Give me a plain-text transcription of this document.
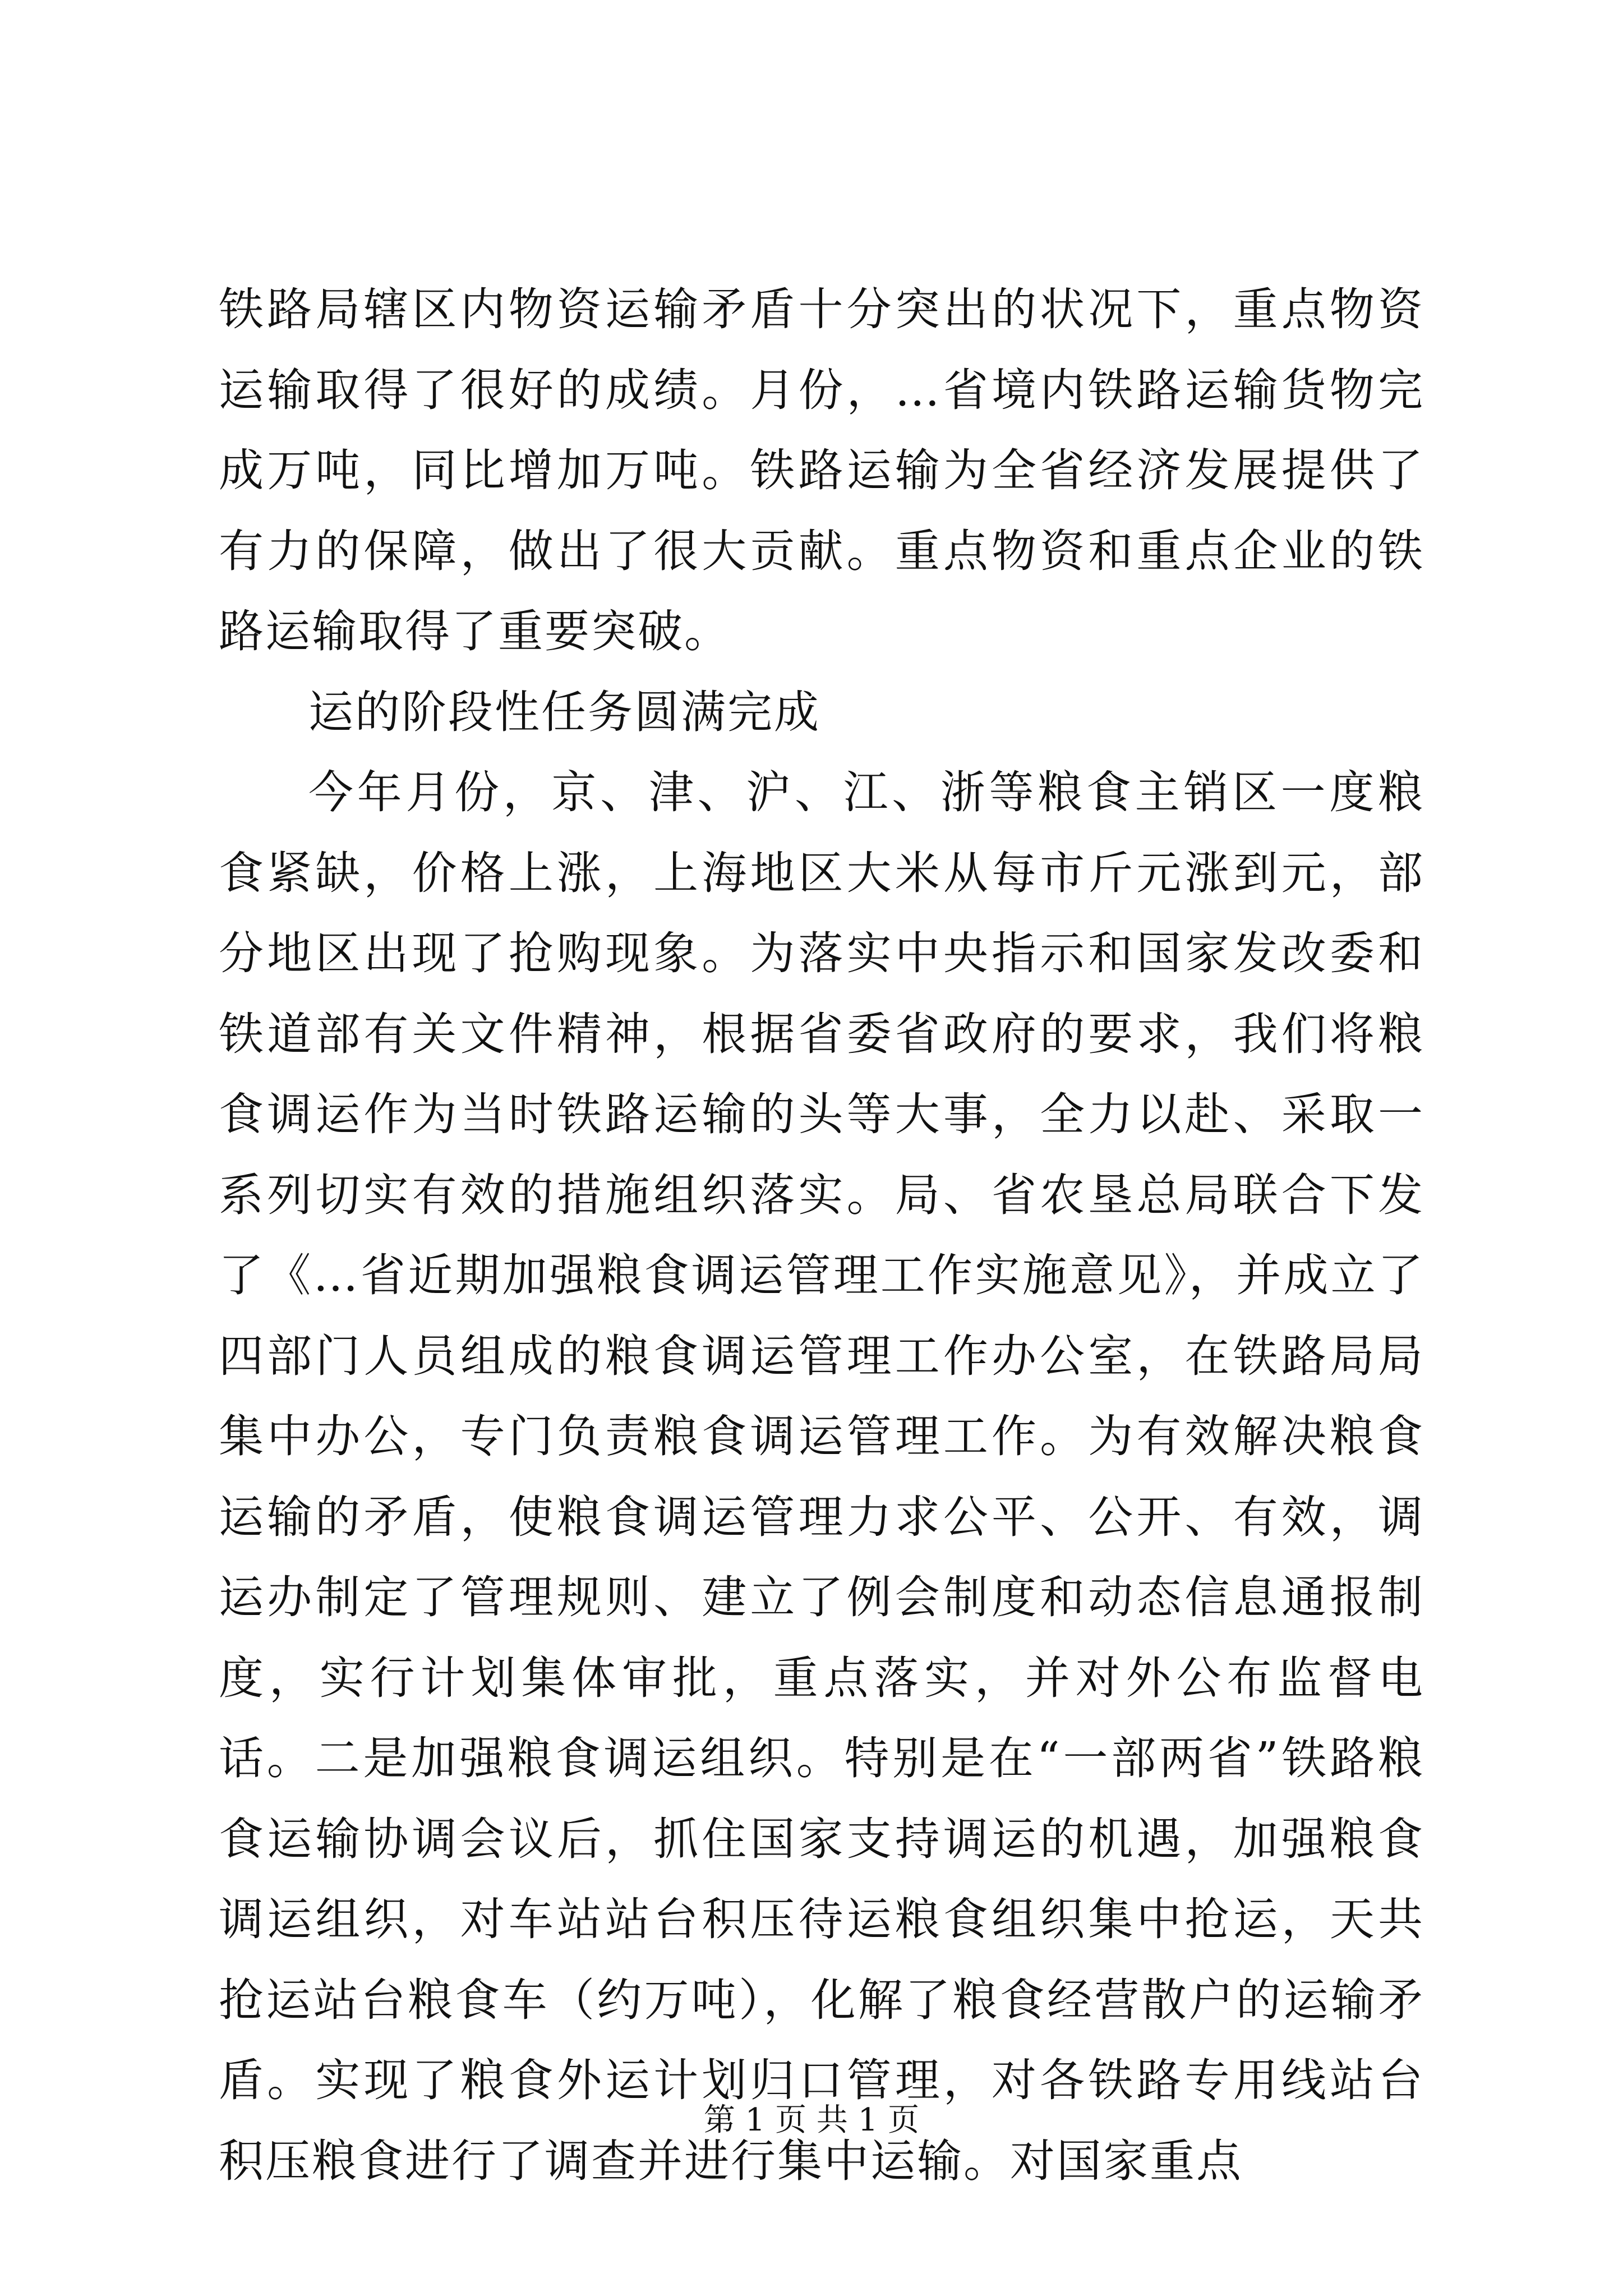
铁路局辖区内物资运输矛盾十分突出的状况下，重点物资运输取得了很好的成绩。月份，…省境内铁路运输货物完成万吨，同比增加万吨。铁路运输为全省经济发展提供了有力的保障，做出了很大贡献。重点物资和重点企业的铁路运输取得了重要突破。

运的阶段性任务圆满完成

今年月份，京、津、沪、江、浙等粮食主销区一度粮食紧缺，价格上涨，上海地区大米从每市斤元涨到元，部分地区出现了抢购现象。为落实中央指示和国家发改委和铁道部有关文件精神，根据省委省政府的要求，我们将粮食调运作为当时铁路运输的头等大事，全力以赴、采取一系列切实有效的措施组织落实。局、省农垦总局联合下发了《…省近期加强粮食调运管理工作实施意见》，并成立了四部门人员组成的粮食调运管理工作办公室，在铁路局局集中办公，专门负责粮食调运管理工作。为有效解决粮食运输的矛盾，使粮食调运管理力求公平、公开、有效，调运办制定了管理规则、建立了例会制度和动态信息通报制度，实行计划集体审批，重点落实，并对外公布监督电话。二是加强粮食调运组织。特别是在“一部两省”铁路粮食运输协调会议后，抓住国家支持调运的机遇，加强粮食调运组织，对车站站台积压待运粮食组织集中抢运，天共抢运站台粮食车（约万吨），化解了粮食经营散户的运输矛盾。实现了粮食外运计划归口管理，对各铁路专用线站台积压粮食进行了调查并进行集中运输。对国家重点

第 1 页 共 1 页
